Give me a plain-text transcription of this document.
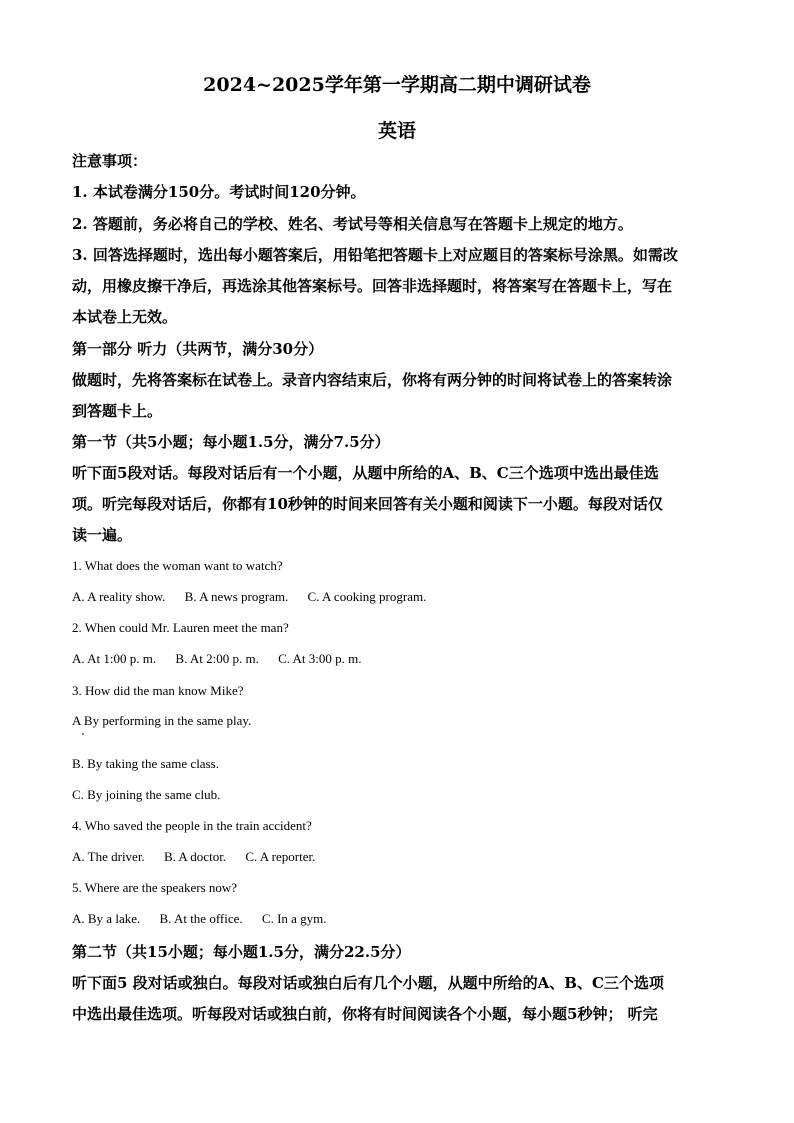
2024~2025学年第一学期高二期中调研试卷
英语
注意事项：
1. 本试卷满分150分。考试时间120分钟。
2. 答题前，务必将自己的学校、姓名、考试号等相关信息写在答题卡上规定的地方。
3. 回答选择题时，选出每小题答案后，用铅笔把答题卡上对应题目的答案标号涂黑。如需改
动，用橡皮擦干净后，再选涂其他答案标号。回答非选择题时，将答案写在答题卡上，写在
本试卷上无效。
第一部分 听力（共两节，满分30分）
做题时，先将答案标在试卷上。录音内容结束后，你将有两分钟的时间将试卷上的答案转涂
到答题卡上。
第一节（共5小题；每小题1.5分，满分7.5分）
听下面5段对话。每段对话后有一个小题，从题中所给的A、B、C三个选项中选出最佳选
项。听完每段对话后，你都有10秒钟的时间来回答有关小题和阅读下一小题。每段对话仅
读一遍。
1. What does the woman want to watch?
A. A reality show. B. A news program. C. A cooking program.
2. When could Mr. Lauren meet the man?
A. At 1:00 p. m. B. At 2:00 p. m. C. At 3:00 p. m.
3. How did the man know Mike?
A By performing in the same play.
B. By taking the same class.
C. By joining the same club.
4. Who saved the people in the train accident?
A. The driver. B. A doctor. C. A reporter.
5. Where are the speakers now?
A. By a lake. B. At the office. C. In a gym.
第二节（共15小题；每小题1.5分，满分22.5分）
听下面5 段对话或独白。每段对话或独白后有几个小题，从题中所给的A、B、C三个选项
中选出最佳选项。听每段对话或独白前，你将有时间阅读各个小题，每小题5秒钟； 听完
